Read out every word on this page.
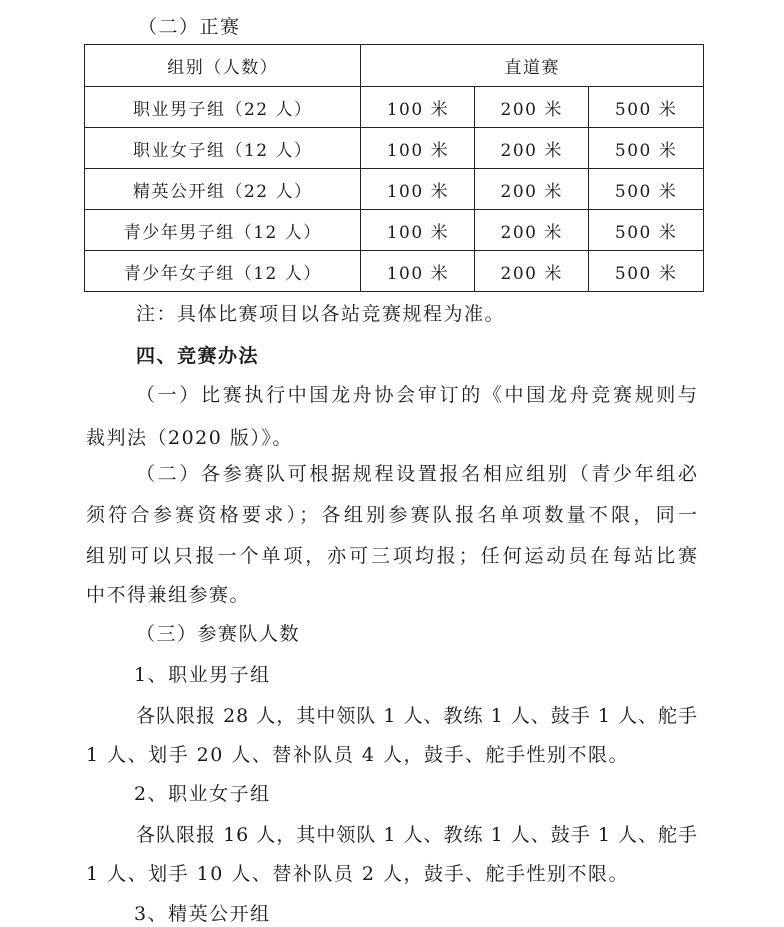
（二）正赛
组别（人数）	直道赛		
职业男子组（22 人）	100 米	200 米	500 米
职业女子组（12 人）	100 米	200 米	500 米
精英公开组（22 人）	100 米	200 米	500 米
青少年男子组（12 人）	100 米	200 米	500 米
青少年女子组（12 人）	100 米	200 米	500 米
注：具体比赛项目以各站竞赛规程为准。
四、竞赛办法
（一）比赛执行中国龙舟协会审订的《中国龙舟竞赛规则与
裁判法（2020 版）》。
（二）各参赛队可根据规程设置报名相应组别（青少年组必
须符合参赛资格要求）；各组别参赛队报名单项数量不限，同一
组别可以只报一个单项，亦可三项均报；任何运动员在每站比赛
中不得兼组参赛。
（三）参赛队人数
1、职业男子组
各队限报 28 人，其中领队 1 人、教练 1 人、鼓手 1 人、舵手
1 人、划手 20 人、替补队员 4 人，鼓手、舵手性别不限。
2、职业女子组
各队限报 16 人，其中领队 1 人、教练 1 人、鼓手 1 人、舵手
1 人、划手 10 人、替补队员 2 人，鼓手、舵手性别不限。
3、精英公开组
